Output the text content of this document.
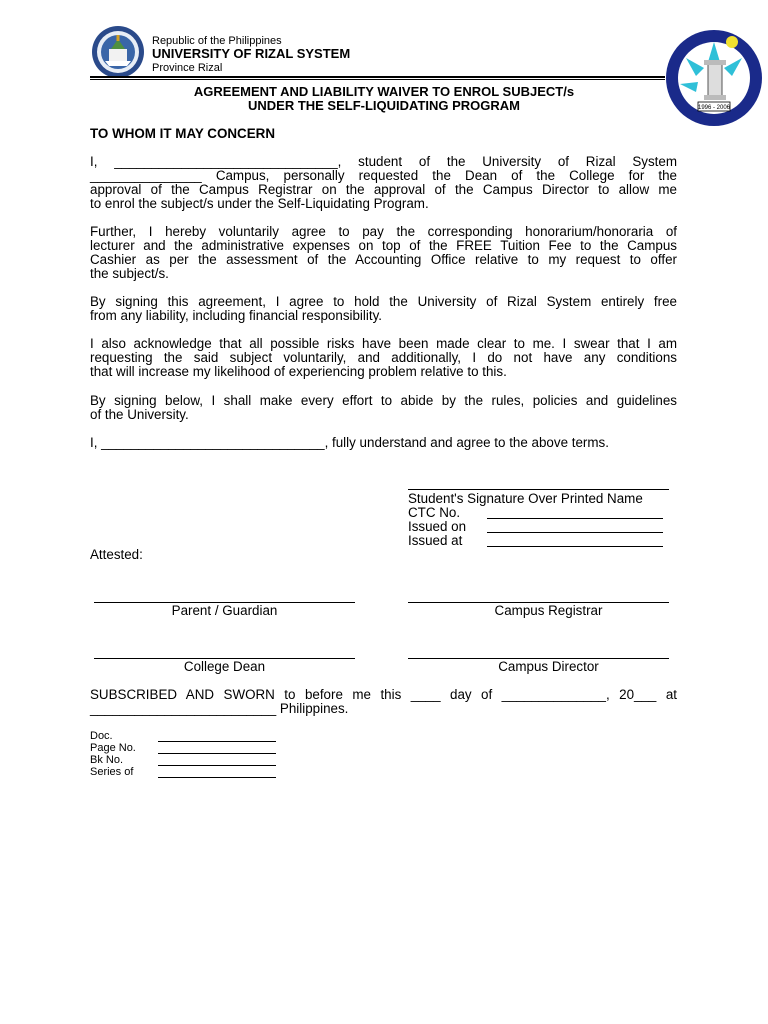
Republic of the Philippines
UNIVERSITY OF RIZAL SYSTEM
Province Rizal
1996 - 2006
AGREEMENT AND LIABILITY WAIVER TO ENROL SUBJECT/s
UNDER THE SELF-LIQUIDATING PROGRAM
TO WHOM IT MAY CONCERN
I, ______________________________, student of the University of Rizal System
_______________ Campus, personally requested the Dean of the College for the
approval of the Campus Registrar on the approval of the Campus Director to allow me
to enrol the subject/s under the Self-Liquidating Program.
Further, I hereby voluntarily agree to pay the corresponding honorarium/honoraria of
lecturer and the administrative expenses on top of the FREE Tuition Fee to the Campus
Cashier as per the assessment of the Accounting Office relative to my request to offer
the subject/s.
By signing this agreement, I agree to hold the University of Rizal System entirely free
from any liability, including financial responsibility.
I also acknowledge that all possible risks have been made clear to me. I swear that I am
requesting the said subject voluntarily, and additionally, I do not have any conditions
that will increase my likelihood of experiencing problem relative to this.
By signing below, I shall make every effort to abide by the rules, policies and guidelines
of the University.
I, ______________________________, fully understand and agree to the above terms.
Student's Signature Over Printed Name
CTC No.
Issued on
Issued at
Attested:
Parent / Guardian	Campus Registrar
College Dean	Campus Director
SUBSCRIBED AND SWORN to before me this ____ day of ______________, 20___ at
_________________________ Philippines.
Doc.
Page No.
Bk No.
Series of
